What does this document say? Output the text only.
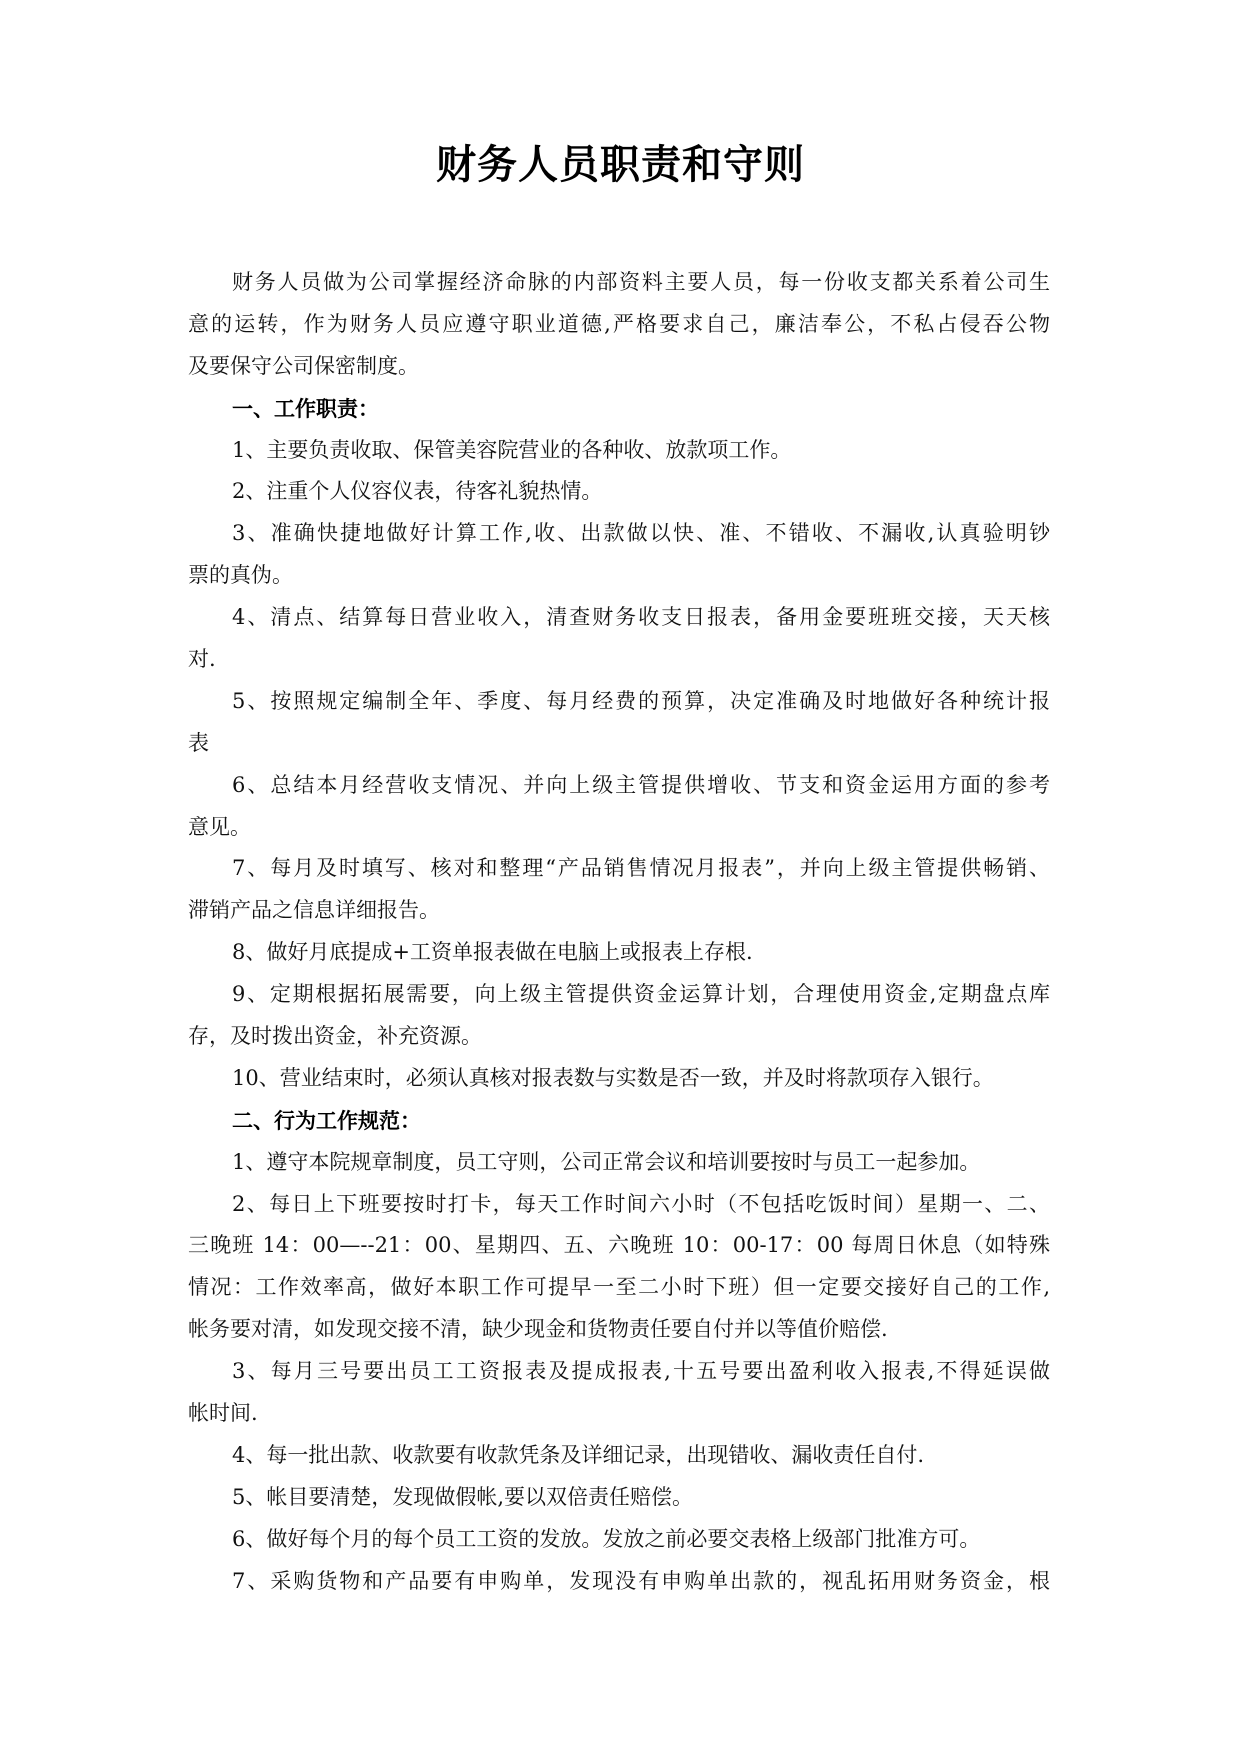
财务人员职责和守则
财务人员做为公司掌握经济命脉的内部资料主要人员，每一份收支都关系着公司生
意的运转，作为财务人员应遵守职业道德,严格要求自己，廉洁奉公，不私占侵吞公物
及要保守公司保密制度。
一、工作职责：
1、主要负责收取、保管美容院营业的各种收、放款项工作。
2、注重个人仪容仪表，待客礼貌热情。
3、准确快捷地做好计算工作,收、出款做以快、准、不错收、不漏收,认真验明钞
票的真伪。
4、清点、结算每日营业收入，清查财务收支日报表，备用金要班班交接，天天核
对.
5、按照规定编制全年、季度、每月经费的预算，决定准确及时地做好各种统计报
表
6、总结本月经营收支情况、并向上级主管提供增收、节支和资金运用方面的参考
意见。
7、每月及时填写、核对和整理“产品销售情况月报表”，并向上级主管提供畅销、
滞销产品之信息详细报告。
8、做好月底提成+工资单报表做在电脑上或报表上存根.
9、定期根据拓展需要，向上级主管提供资金运算计划，合理使用资金,定期盘点库
存，及时拨出资金，补充资源。
10、营业结束时，必须认真核对报表数与实数是否一致，并及时将款项存入银行。
二、行为工作规范：
1、遵守本院规章制度，员工守则，公司正常会议和培训要按时与员工一起参加。
2、每日上下班要按时打卡，每天工作时间六小时（不包括吃饭时间）星期一、二、
三晚班 14：00—--21：00、星期四、五、六晚班 10：00-17：00 每周日休息（如特殊
情况：工作效率高，做好本职工作可提早一至二小时下班）但一定要交接好自己的工作,
帐务要对清，如发现交接不清，缺少现金和货物责任要自付并以等值价赔偿.
3、每月三号要出员工工资报表及提成报表,十五号要出盈利收入报表,不得延误做
帐时间.
4、每一批出款、收款要有收款凭条及详细记录，出现错收、漏收责任自付.
5、帐目要清楚，发现做假帐,要以双倍责任赔偿。
6、做好每个月的每个员工工资的发放。发放之前必要交表格上级部门批准方可。
7、采购货物和产品要有申购单，发现没有申购单出款的，视乱拓用财务资金，根
